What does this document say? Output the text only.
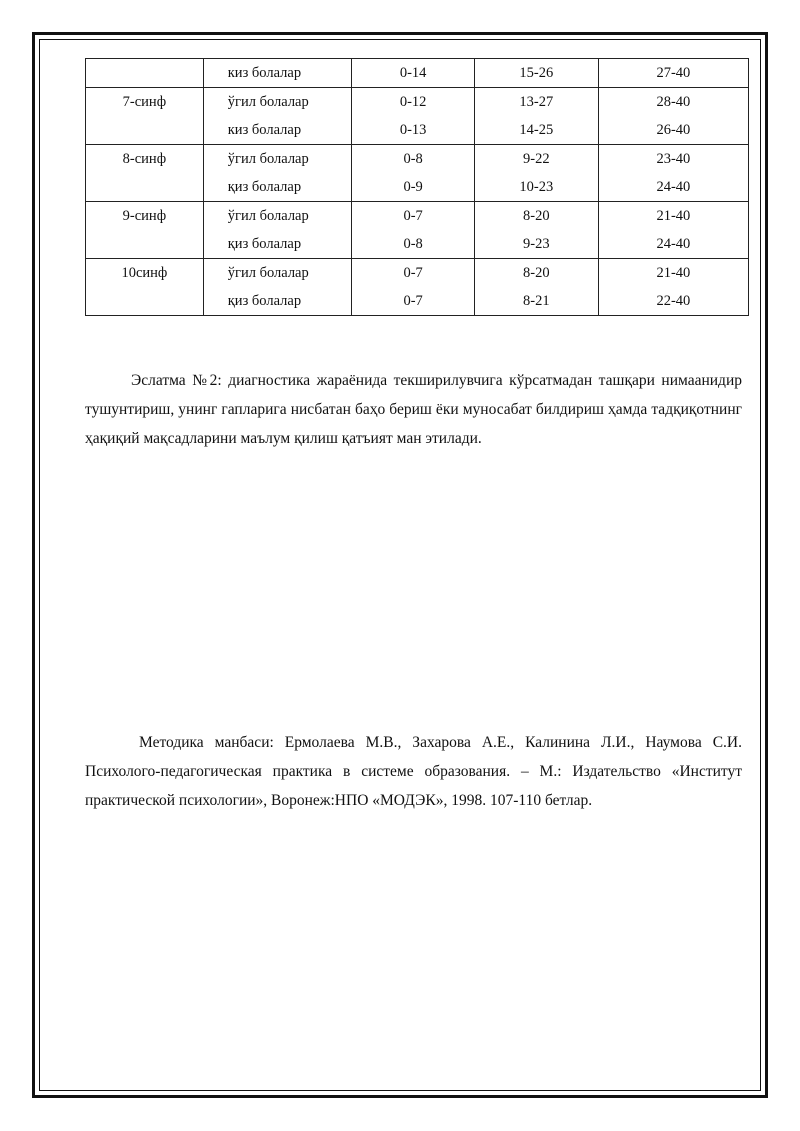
	киз болалар	0-14	15-26	27-40
7-синф	ўгил болалар	0-12	13-27	28-40
	киз болалар	0-13	14-25	26-40
8-синф	ўгил болалар	0-8	9-22	23-40
	қиз болалар	0-9	10-23	24-40
9-синф	ўгил болалар	0-7	8-20	21-40
	қиз болалар	0-8	9-23	24-40
10синф	ўгил болалар	0-7	8-20	21-40
	қиз болалар	0-7	8-21	22-40

Эслатма №2: диагностика жараёнида текширилувчига кўрсатмадан ташқари нимаанидир тушунтириш, унинг гапларига нисбатан баҳо бериш ёки муносабат билдириш ҳамда тадқиқотнинг ҳақиқий мақсадларини маълум қилиш қатъият ман этилади.

Методика манбаси: Ермолаева М.В., Захарова А.Е., Калинина Л.И., Наумова С.И. Психолого-педагогическая практика в системе образования. – М.: Издательство «Институт практической психологии», Воронеж:НПО «МОДЭК», 1998. 107-110 бетлар.
